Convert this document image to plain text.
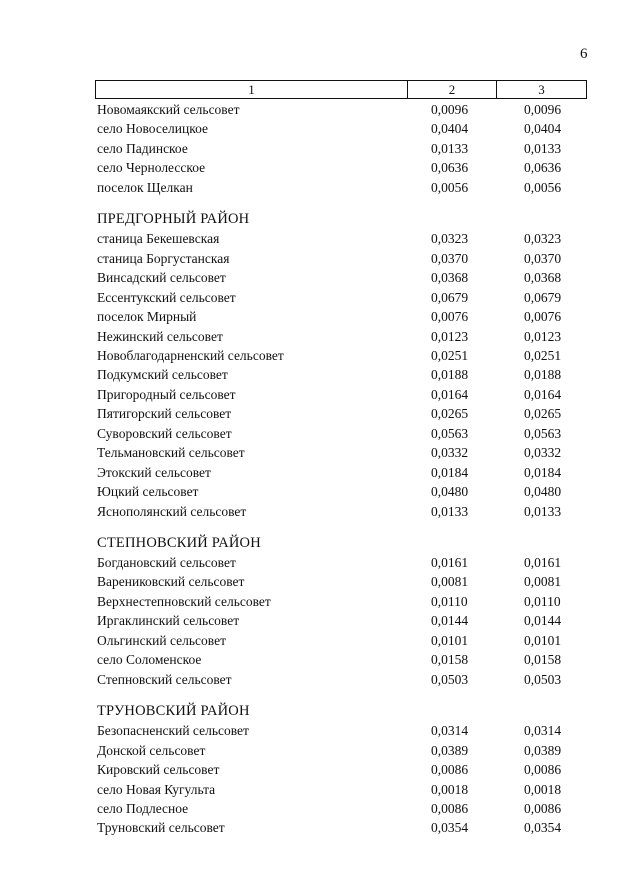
6
1	2	3
Новомаякский сельсовет	0,0096	0,0096
село Новоселицкое	0,0404	0,0404
село Падинское	0,0133	0,0133
село Чернолесское	0,0636	0,0636
поселок Щелкан	0,0056	0,0056
ПРЕДГОРНЫЙ РАЙОН
станица Бекешевская	0,0323	0,0323
станица Боргустанская	0,0370	0,0370
Винсадский сельсовет	0,0368	0,0368
Ессентукский сельсовет	0,0679	0,0679
поселок Мирный	0,0076	0,0076
Нежинский сельсовет	0,0123	0,0123
Новоблагодарненский сельсовет	0,0251	0,0251
Подкумский сельсовет	0,0188	0,0188
Пригородный сельсовет	0,0164	0,0164
Пятигорский сельсовет	0,0265	0,0265
Суворовский сельсовет	0,0563	0,0563
Тельмановский сельсовет	0,0332	0,0332
Этокский сельсовет	0,0184	0,0184
Юцкий сельсовет	0,0480	0,0480
Яснополянский сельсовет	0,0133	0,0133
СТЕПНОВСКИЙ РАЙОН
Богдановский сельсовет	0,0161	0,0161
Варениковский сельсовет	0,0081	0,0081
Верхнестепновский сельсовет	0,0110	0,0110
Иргаклинский сельсовет	0,0144	0,0144
Ольгинский сельсовет	0,0101	0,0101
село Соломенское	0,0158	0,0158
Степновский сельсовет	0,0503	0,0503
ТРУНОВСКИЙ РАЙОН
Безопасненский сельсовет	0,0314	0,0314
Донской сельсовет	0,0389	0,0389
Кировский сельсовет	0,0086	0,0086
село Новая Кугульта	0,0018	0,0018
село Подлесное	0,0086	0,0086
Труновский сельсовет	0,0354	0,0354
